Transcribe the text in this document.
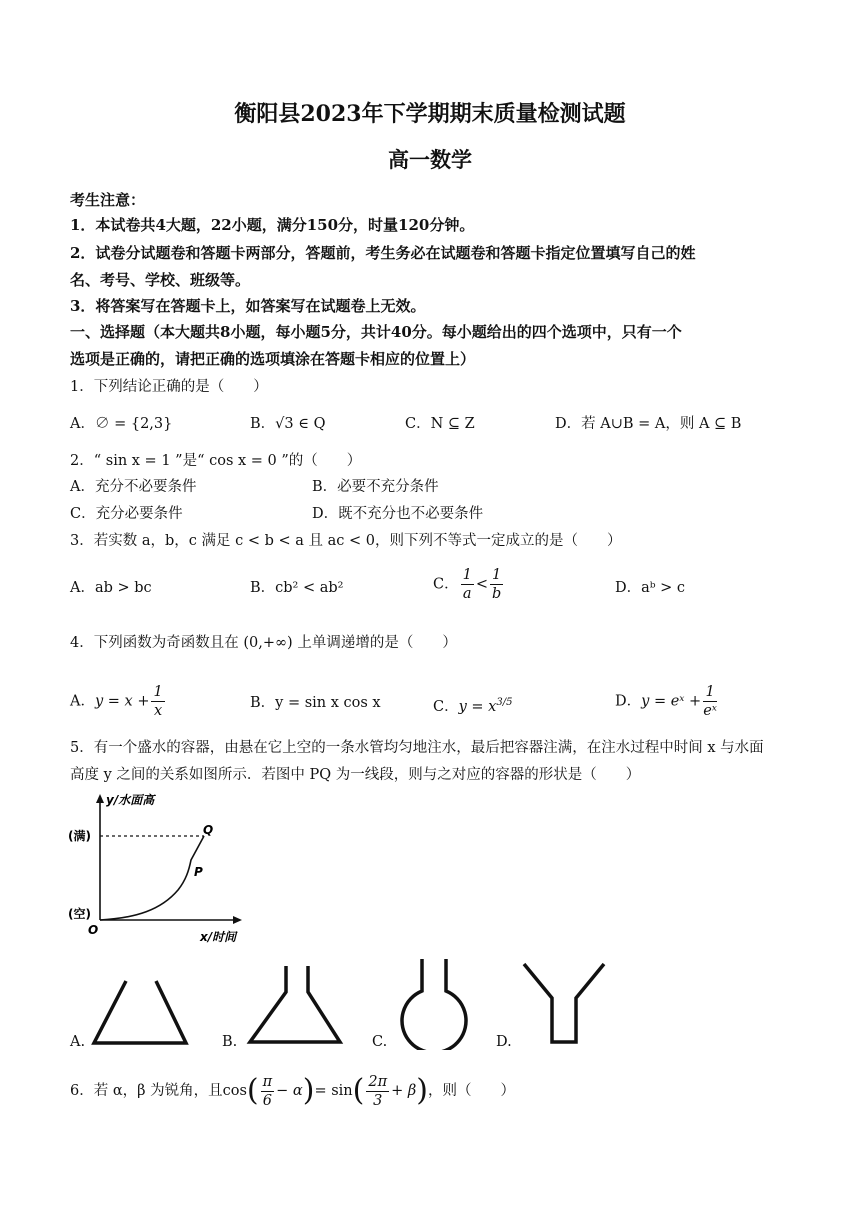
衡阳县2023年下学期期末质量检测试题
高一数学
考生注意：
1．本试卷共4大题，22小题，满分150分，时量120分钟。
2．试卷分试题卷和答题卡两部分，答题前，考生务必在试题卷和答题卡指定位置填写自己的姓
名、考号、学校、班级等。
3．将答案写在答题卡上，如答案写在试题卷上无效。
一、选择题（本大题共8小题，每小题5分，共计40分。每小题给出的四个选项中，只有一个
选项是正确的，请把正确的选项填涂在答题卡相应的位置上）
1．下列结论正确的是（　　）
A．∅ = {2,3}	B．√3 ∈ Q	C．N ⊆ Z	D．若 A∪B = A，则 A ⊆ B
2．“ sin x = 1 ”是“ cos x = 0 ”的（　　）
A．充分不必要条件	B．必要不充分条件
C．充分必要条件	D．既不充分也不必要条件
3．若实数 a，b，c 满足 c < b < a 且 ac < 0，则下列不等式一定成立的是（　　）
A．ab > bc	B．cb² < ab²	C． $\frac{1}{a} < \frac{1}{b}$	D．aᵇ > c
4．下列函数为奇函数且在 (0,+∞) 上单调递增的是（　　）
A．$y = x + \frac{1}{x}$	B．y = sin x cos x	C．$y = x^{3/5}$	D．y = eˣ + $\frac{1}{\text{eˣ}}$
5．有一个盛水的容器，由悬在它上空的一条水管均匀地注水，最后把容器注满，在注水过程中时间 x 与水面
高度 y 之间的关系如图所示．若图中 PQ 为一线段，则与之对应的容器的形状是（　　）
y/水面高
(满)
(空)
O
Q
P
x/时间
A.	B.	C.	D.
6．若 α，β 为锐角，且$\cos( \frac{\pi}{6} - \alpha)= \sin( \frac{2\pi}{3} + \beta)$，则（　　）
